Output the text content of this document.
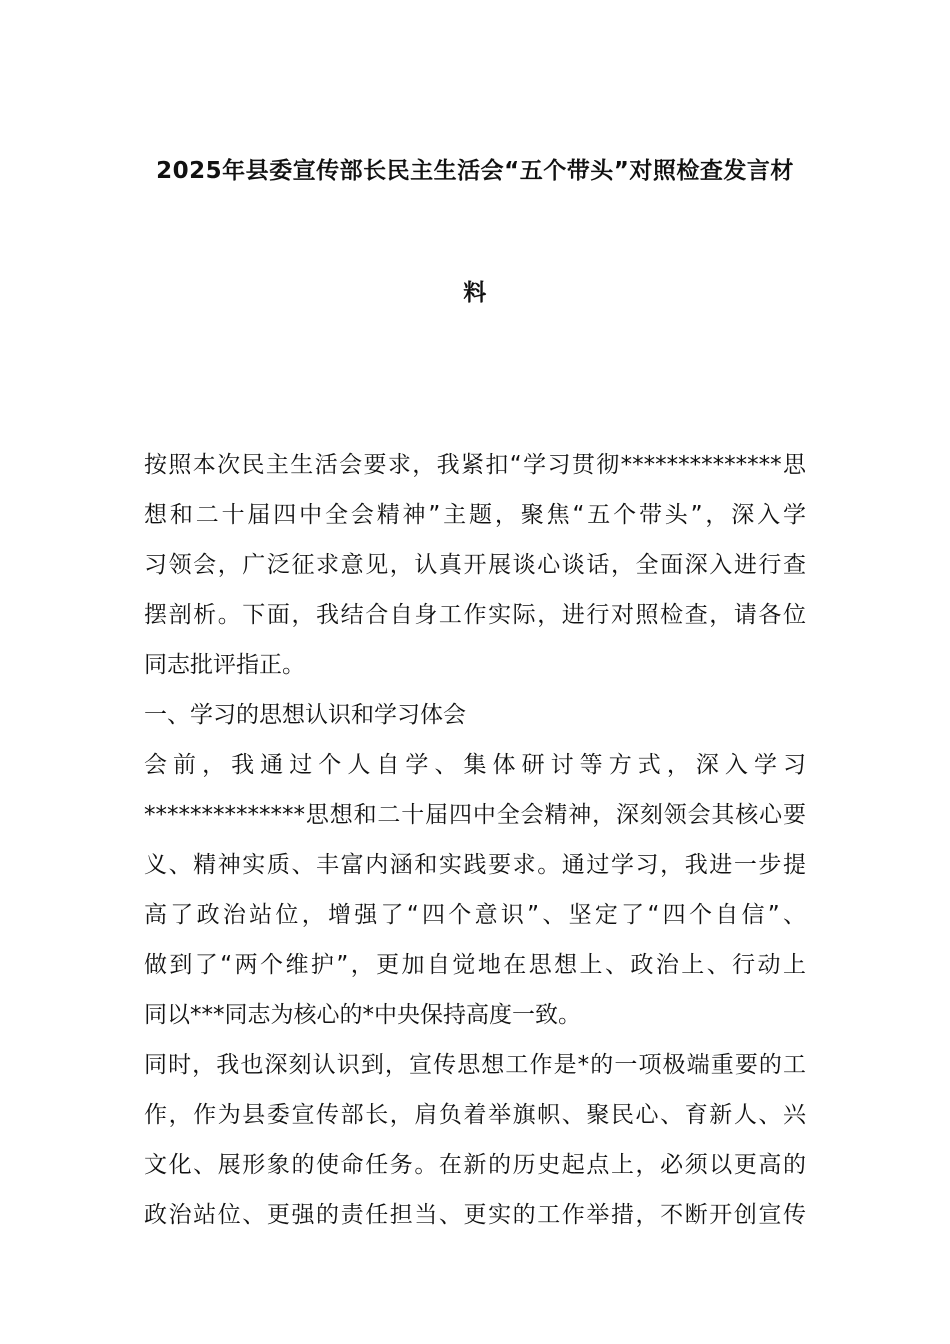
2025年县委宣传部长民主生活会“五个带头”对照检查发言材
料
按照本次民主生活会要求，我紧扣“学习贯彻**************思
想和二十届四中全会精神”主题，聚焦“五个带头”，深入学
习领会，广泛征求意见，认真开展谈心谈话，全面深入进行查
摆剖析。下面，我结合自身工作实际，进行对照检查，请各位
同志批评指正。
一、学习的思想认识和学习体会
会前，我通过个人自学、集体研讨等方式，深入学习
**************思想和二十届四中全会精神，深刻领会其核心要
义、精神实质、丰富内涵和实践要求。通过学习，我进一步提
高了政治站位，增强了“四个意识”、坚定了“四个自信”、
做到了“两个维护”，更加自觉地在思想上、政治上、行动上
同以***同志为核心的*中央保持高度一致。
同时，我也深刻认识到，宣传思想工作是*的一项极端重要的工
作，作为县委宣传部长，肩负着举旗帜、聚民心、育新人、兴
文化、展形象的使命任务。在新的历史起点上，必须以更高的
政治站位、更强的责任担当、更实的工作举措，不断开创宣传
